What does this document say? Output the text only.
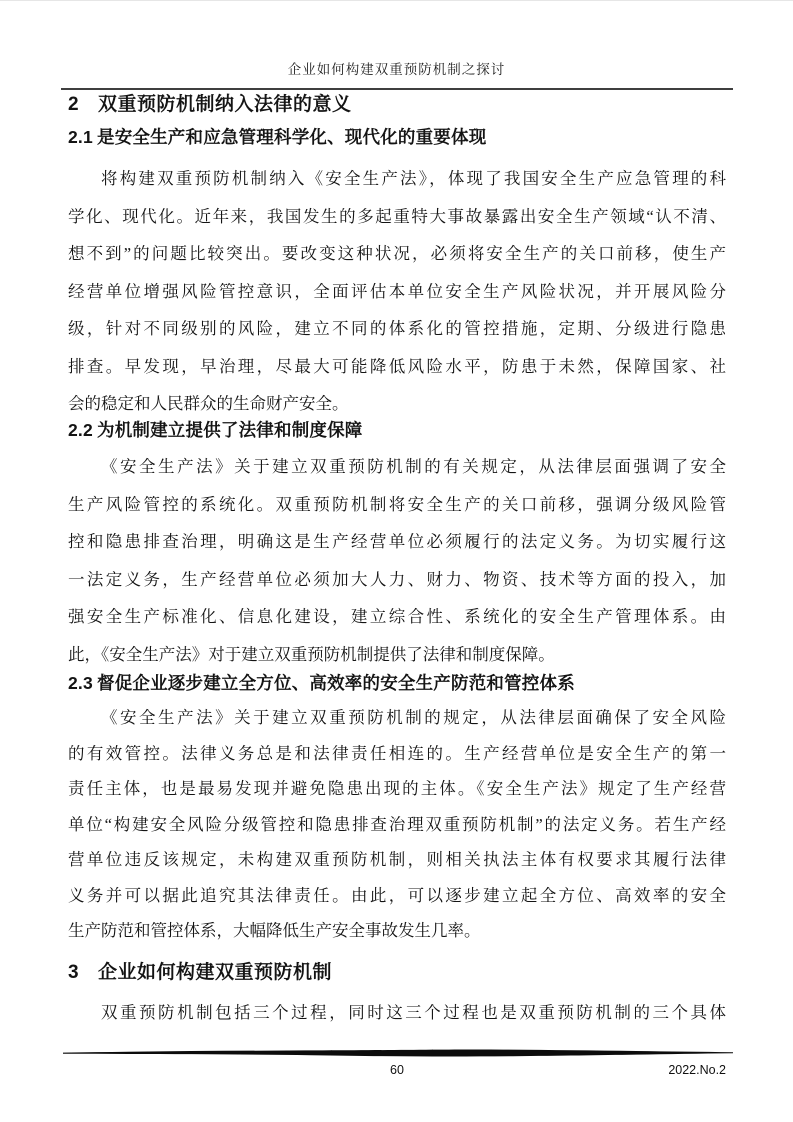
企业如何构建双重预防机制之探讨
2 双重预防机制纳入法律的意义
2.1 是安全生产和应急管理科学化、现代化的重要体现
将构建双重预防机制纳入《安全生产法》，体现了我国安全生产应急管理的科
学化、现代化。近年来，我国发生的多起重特大事故暴露出安全生产领域“认不清、
想不到”的问题比较突出。要改变这种状况，必须将安全生产的关口前移，使生产
经营单位增强风险管控意识，全面评估本单位安全生产风险状况，并开展风险分
级，针对不同级别的风险，建立不同的体系化的管控措施，定期、分级进行隐患
排查。早发现，早治理，尽最大可能降低风险水平，防患于未然，保障国家、社
会的稳定和人民群众的生命财产安全。
2.2 为机制建立提供了法律和制度保障
《安全生产法》关于建立双重预防机制的有关规定，从法律层面强调了安全
生产风险管控的系统化。双重预防机制将安全生产的关口前移，强调分级风险管
控和隐患排查治理，明确这是生产经营单位必须履行的法定义务。为切实履行这
一法定义务，生产经营单位必须加大人力、财力、物资、技术等方面的投入，加
强安全生产标准化、信息化建设，建立综合性、系统化的安全生产管理体系。由
此，《安全生产法》对于建立双重预防机制提供了法律和制度保障。
2.3 督促企业逐步建立全方位、高效率的安全生产防范和管控体系
《安全生产法》关于建立双重预防机制的规定，从法律层面确保了安全风险
的有效管控。法律义务总是和法律责任相连的。生产经营单位是安全生产的第一
责任主体，也是最易发现并避免隐患出现的主体。《安全生产法》规定了生产经营
单位“构建安全风险分级管控和隐患排查治理双重预防机制”的法定义务。若生产经
营单位违反该规定，未构建双重预防机制，则相关执法主体有权要求其履行法律
义务并可以据此追究其法律责任。由此，可以逐步建立起全方位、高效率的安全
生产防范和管控体系，大幅降低生产安全事故发生几率。
3 企业如何构建双重预防机制
双重预防机制包括三个过程，同时这三个过程也是双重预防机制的三个具体
60	2022.No.2
